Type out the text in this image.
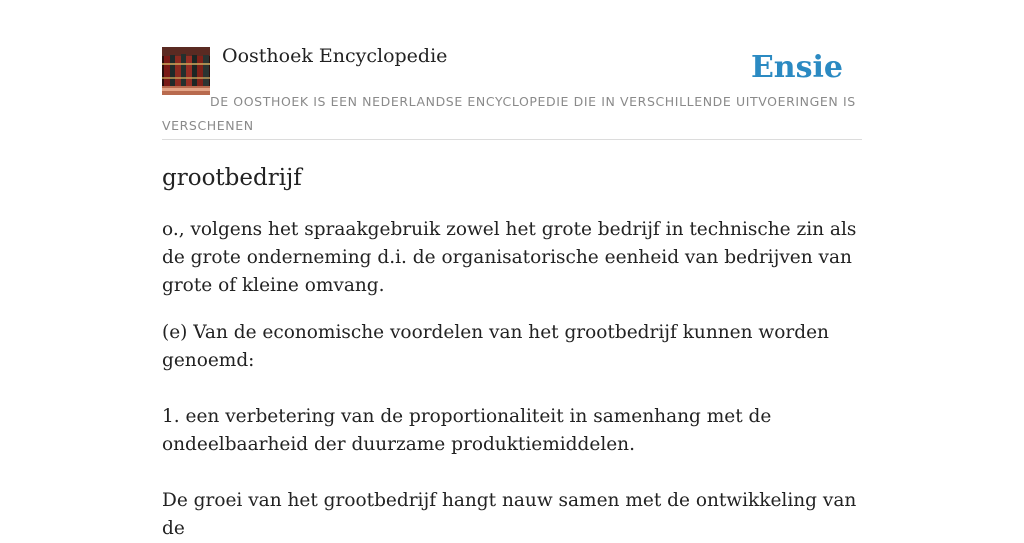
Oosthoek Encyclopedie	Ensie
DE OOSTHOEK IS EEN NEDERLANDSE ENCYCLOPEDIE DIE IN VERSCHILLENDE UITVOERINGEN IS VERSCHENEN
grootbedrijf

o., volgens het spraakgebruik zowel het grote bedrijf in technische zin als de grote onderneming d.i. de organisatorische eenheid van bedrijven van grote of kleine omvang.

(e) Van de economische voordelen van het grootbedrijf kunnen worden genoemd:

1. een verbetering van de proportionaliteit in samenhang met de ondeelbaarheid der duurzame produktiemiddelen.

De groei van het grootbedrijf hangt nauw samen met de ontwikkeling van de
